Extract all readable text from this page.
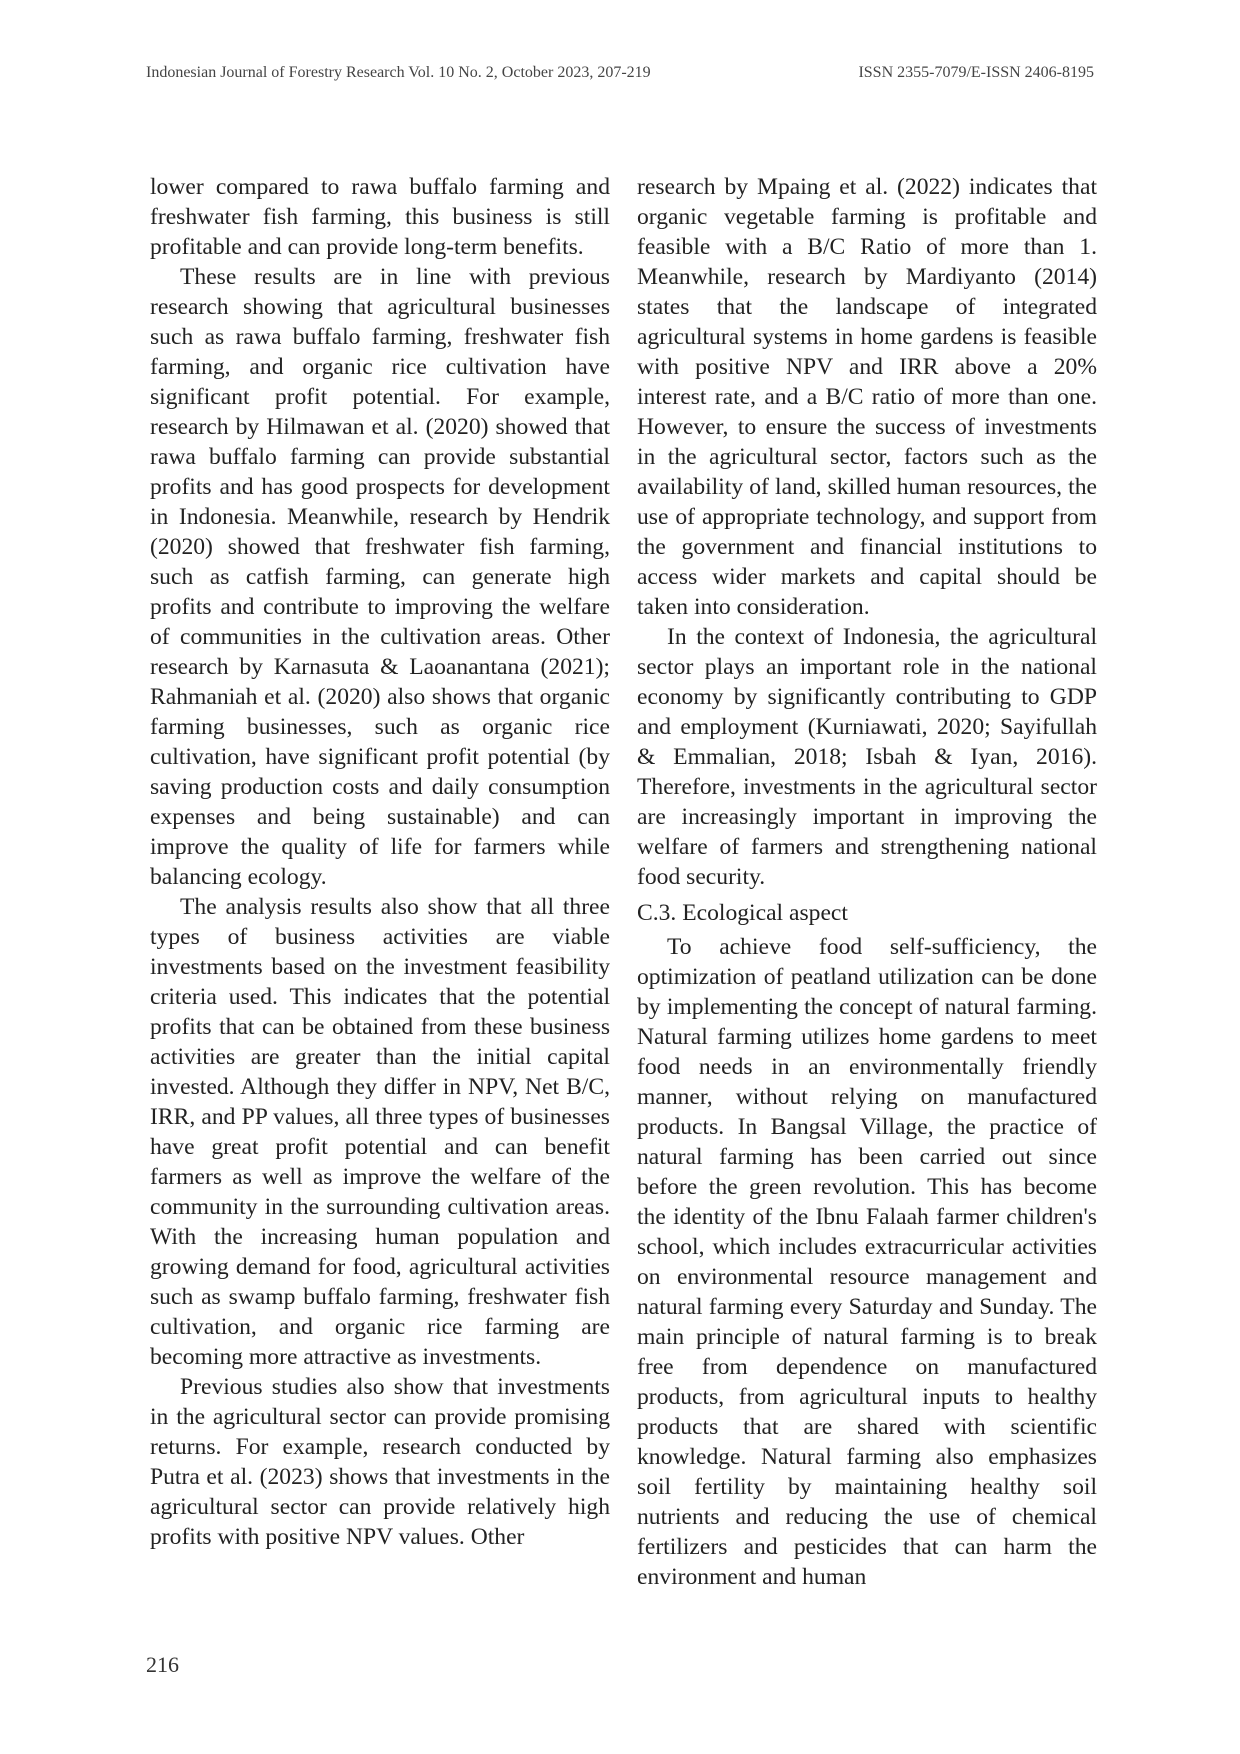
Indonesian Journal of Forestry Research Vol. 10 No. 2, October 2023, 207-219	ISSN 2355-7079/E-ISSN 2406-8195

lower compared to rawa buffalo farming and freshwater fish farming, this business is still profitable and can provide long-term benefits.

These results are in line with previous research showing that agricultural businesses such as rawa buffalo farming, freshwater fish farming, and organic rice cultivation have significant profit potential. For example, research by Hilmawan et al. (2020) showed that rawa buffalo farming can provide substantial profits and has good prospects for development in Indonesia. Meanwhile, research by Hendrik (2020) showed that freshwater fish farming, such as catfish farming, can generate high profits and contribute to improving the welfare of communities in the cultivation areas. Other research by Karnasuta & Laoanantana (2021); Rahmaniah et al. (2020) also shows that organic farming businesses, such as organic rice cultivation, have significant profit potential (by saving production costs and daily consumption expenses and being sustainable) and can improve the quality of life for farmers while balancing ecology.

The analysis results also show that all three types of business activities are viable investments based on the investment feasibility criteria used. This indicates that the potential profits that can be obtained from these business activities are greater than the initial capital invested. Although they differ in NPV, Net B/C, IRR, and PP values, all three types of businesses have great profit potential and can benefit farmers as well as improve the welfare of the community in the surrounding cultivation areas. With the increasing human population and growing demand for food, agricultural activities such as swamp buffalo farming, freshwater fish cultivation, and organic rice farming are becoming more attractive as investments.

Previous studies also show that investments in the agricultural sector can provide promising returns. For example, research conducted by Putra et al. (2023) shows that investments in the agricultural sector can provide relatively high profits with positive NPV values. Other

research by Mpaing et al. (2022) indicates that organic vegetable farming is profitable and feasible with a B/C Ratio of more than 1. Meanwhile, research by Mardiyanto (2014) states that the landscape of integrated agricultural systems in home gardens is feasible with positive NPV and IRR above a 20% interest rate, and a B/C ratio of more than one. However, to ensure the success of investments in the agricultural sector, factors such as the availability of land, skilled human resources, the use of appropriate technology, and support from the government and financial institutions to access wider markets and capital should be taken into consideration.

In the context of Indonesia, the agricultural sector plays an important role in the national economy by significantly contributing to GDP and employment (Kurniawati, 2020; Sayifullah & Emmalian, 2018; Isbah & Iyan, 2016). Therefore, investments in the agricultural sector are increasingly important in improving the welfare of farmers and strengthening national food security.

C.3. Ecological aspect

To achieve food self-sufficiency, the optimization of peatland utilization can be done by implementing the concept of natural farming. Natural farming utilizes home gardens to meet food needs in an environmentally friendly manner, without relying on manufactured products. In Bangsal Village, the practice of natural farming has been carried out since before the green revolution. This has become the identity of the Ibnu Falaah farmer children's school, which includes extracurricular activities on environmental resource management and natural farming every Saturday and Sunday. The main principle of natural farming is to break free from dependence on manufactured products, from agricultural inputs to healthy products that are shared with scientific knowledge. Natural farming also emphasizes soil fertility by maintaining healthy soil nutrients and reducing the use of chemical fertilizers and pesticides that can harm the environment and human

216
